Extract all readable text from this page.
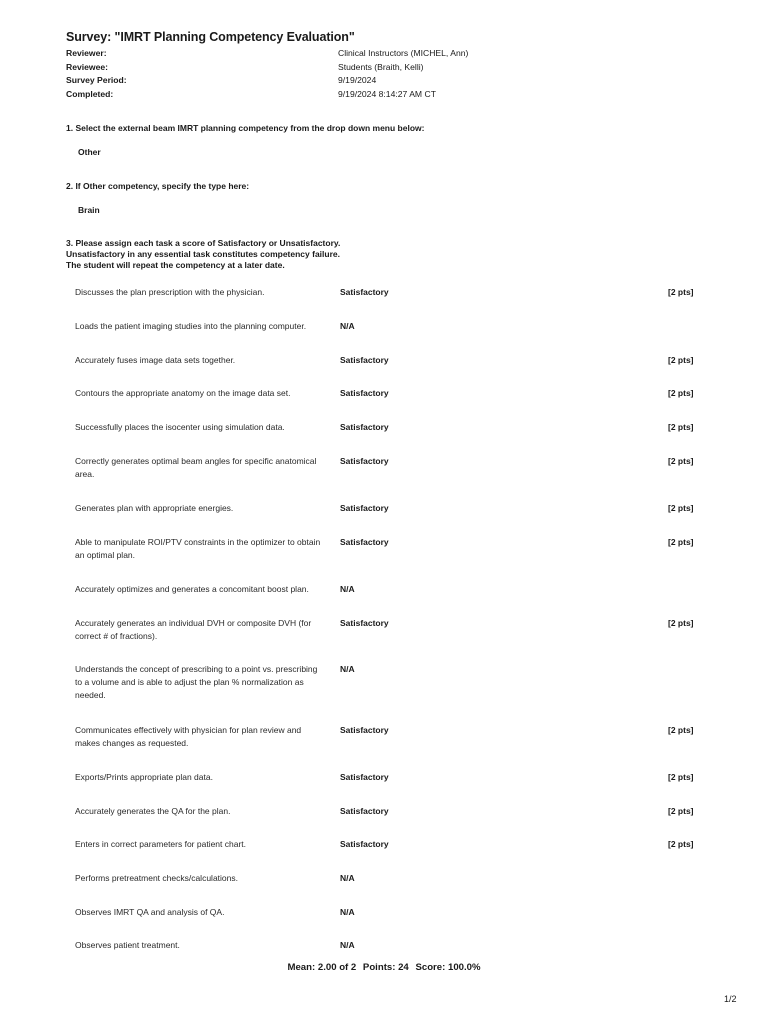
Survey: "IMRT Planning Competency Evaluation"
Reviewer:	Clinical Instructors (MICHEL, Ann)
Reviewee:	Students (Braith, Kelli)
Survey Period:	9/19/2024
Completed:	9/19/2024 8:14:27 AM CT
1. Select the external beam IMRT planning competency from the drop down menu below:
Other
2. If Other competency, specify the type here:
Brain
3. Please assign each task a score of Satisfactory or Unsatisfactory.
Unsatisfactory in any essential task constitutes competency failure.
The student will repeat the competency at a later date.
Discusses the plan prescription with the physician.	Satisfactory	[2 pts]
Loads the patient imaging studies into the planning computer.	N/A
Accurately fuses image data sets together.	Satisfactory	[2 pts]
Contours the appropriate anatomy on the image data set.	Satisfactory	[2 pts]
Successfully places the isocenter using simulation data.	Satisfactory	[2 pts]
Correctly generates optimal beam angles for specific anatomical area.
Satisfactory	[2 pts]
Generates plan with appropriate energies.	Satisfactory	[2 pts]
Able to manipulate ROI/PTV constraints in the optimizer to obtain an optimal plan.
Satisfactory	[2 pts]
Accurately optimizes and generates a concomitant boost plan.	N/A
Accurately generates an individual DVH or composite DVH (for correct # of fractions).
Satisfactory	[2 pts]
Understands the concept of prescribing to a point vs. prescribing to a volume and is able to adjust the plan % normalization as needed.
N/A
Communicates effectively with physician for plan review and makes changes as requested.
Satisfactory	[2 pts]
Exports/Prints appropriate plan data.	Satisfactory	[2 pts]
Accurately generates the QA for the plan.	Satisfactory	[2 pts]
Enters in correct parameters for patient chart.	Satisfactory	[2 pts]
Performs pretreatment checks/calculations.	N/A
Observes IMRT QA and analysis of QA.	N/A
Observes patient treatment.	N/A
Mean: 2.00 of 2 Points: 24 Score: 100.0%
1/2
